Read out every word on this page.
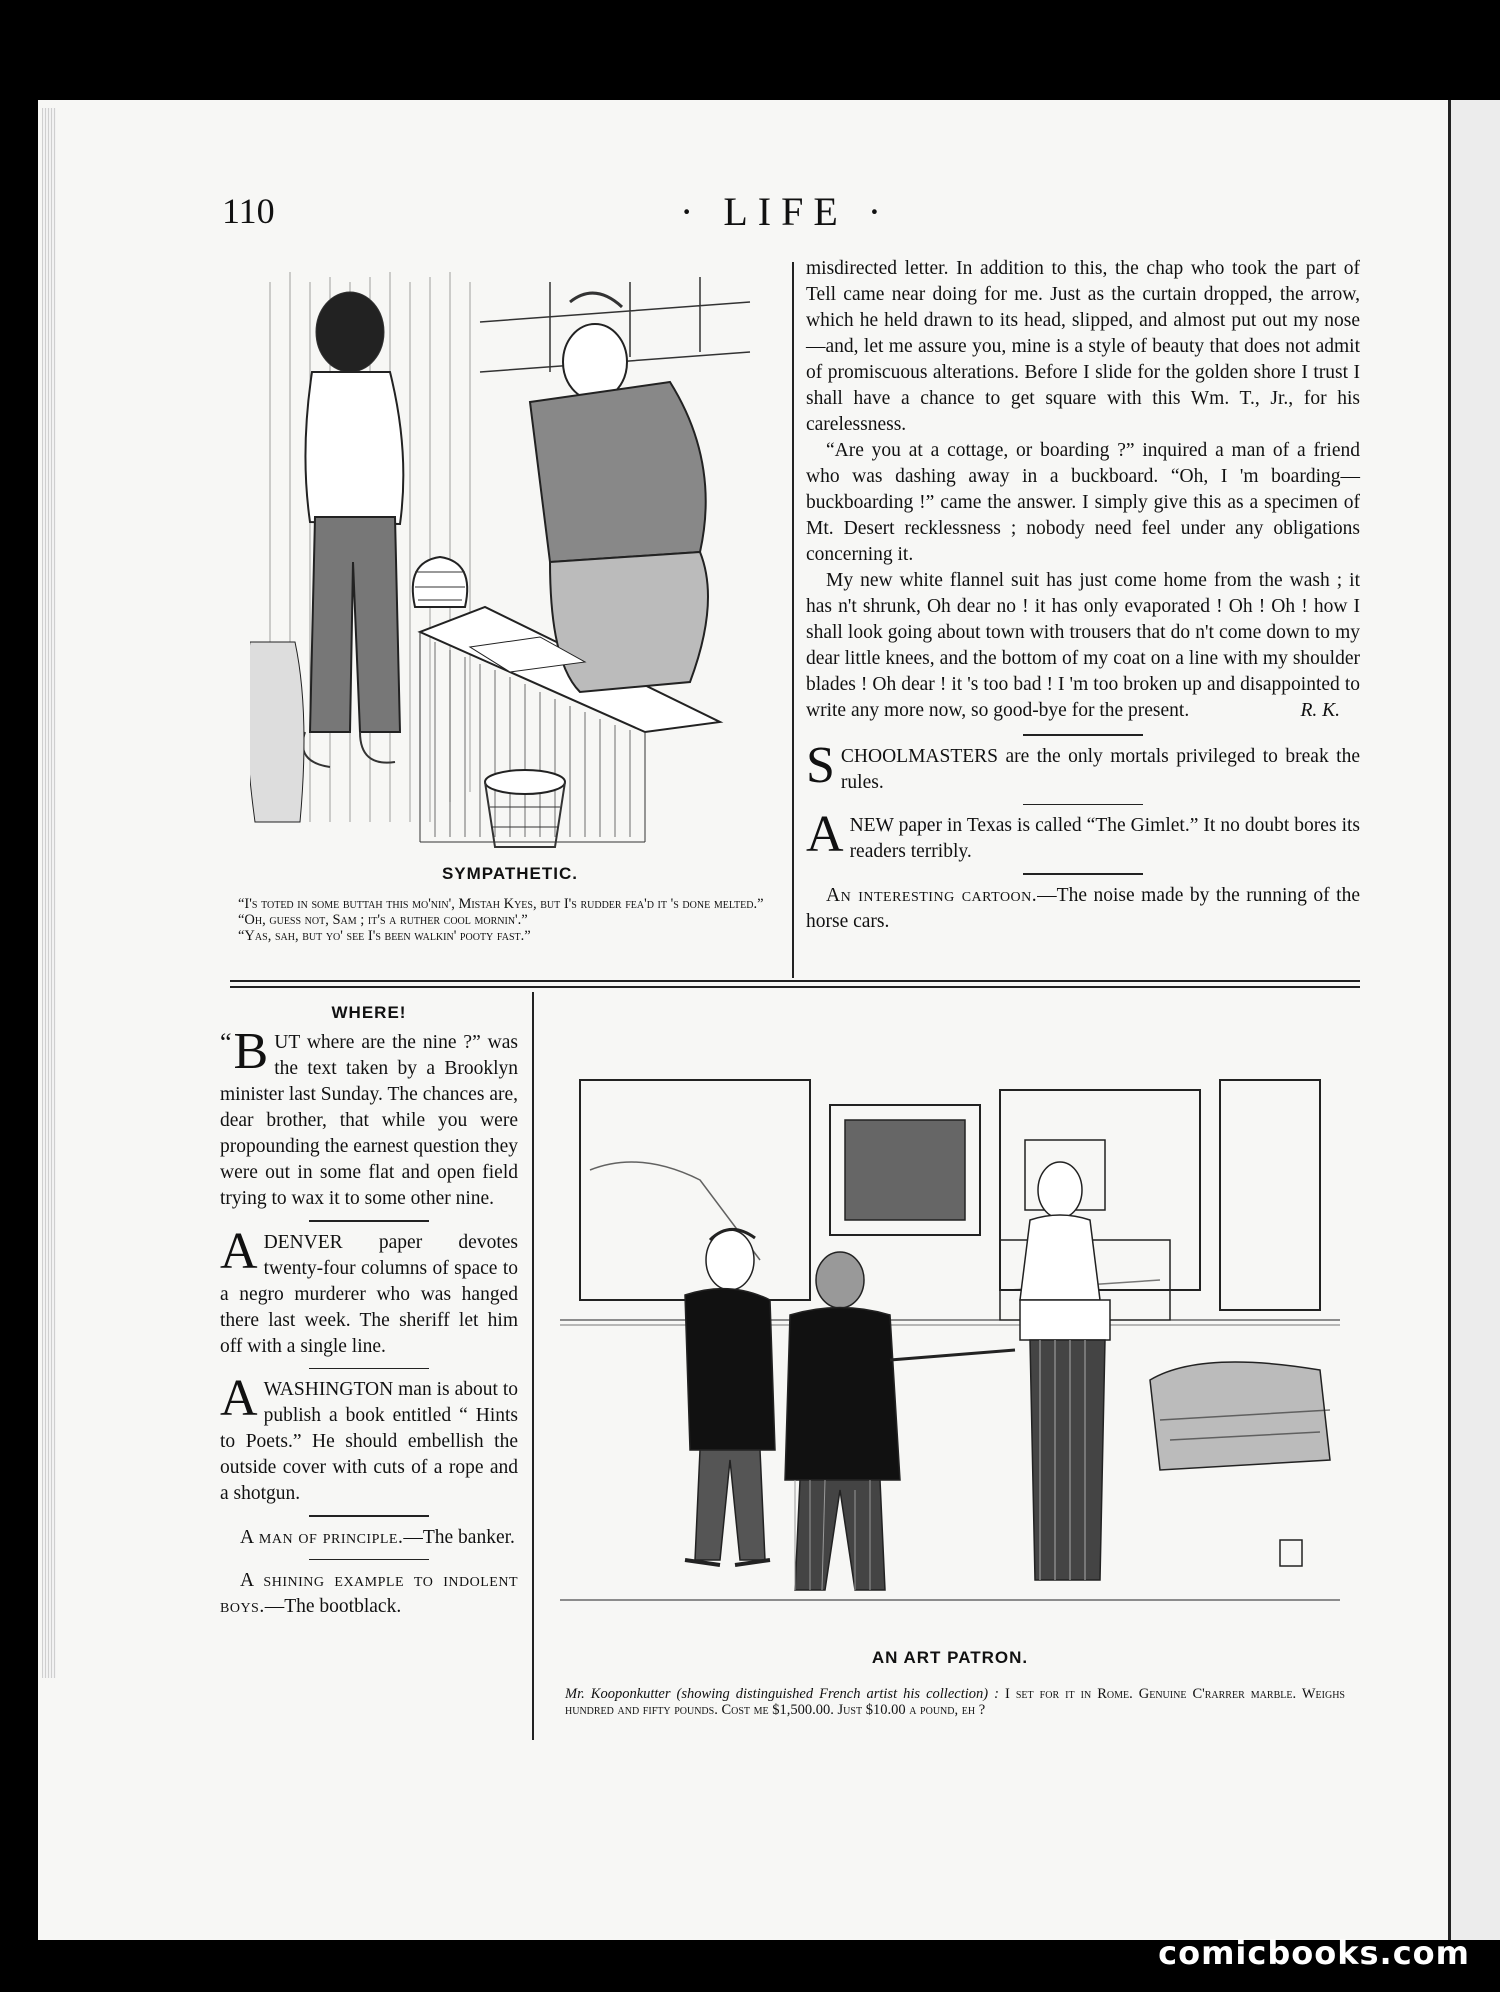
110	· LIFE ·
SYMPATHETIC.
“I's toted in some buttah this mo'nin', Mistah Kyes, but I's rudder fea'd it 's done melted.”
“Oh, guess not, Sam ; it's a ruther cool mornin'.”
“Yas, sah, but yo' see I's been walkin' pooty fast.”

misdirected letter. In addition to this, the chap who took the part of Tell came near doing for me. Just as the curtain dropped, the arrow, which he held drawn to its head, slipped, and almost put out my nose—and, let me assure you, mine is a style of beauty that does not admit of promiscuous alterations. Before I slide for the golden shore I trust I shall have a chance to get square with this Wm. T., Jr., for his carelessness.

“Are you at a cottage, or boarding ?” inquired a man of a friend who was dashing away in a buckboard. “Oh, I 'm boarding—buckboarding !” came the answer. I simply give this as a specimen of Mt. Desert recklessness ; nobody need feel under any obligations concerning it.

My new white flannel suit has just come home from the wash ; it has n't shrunk, Oh dear no ! it has only evaporated ! Oh ! Oh ! how I shall look going about town with trousers that do n't come down to my dear little knees, and the bottom of my coat on a line with my shoulder blades ! Oh dear ! it 's too bad ! I 'm too broken up and disappointed to write any more now, so good-bye for the present.	R. K.

SCHOOLMASTERS are the only mortals privileged to break the rules.

ANEW paper in Texas is called “The Gimlet.” It no doubt bores its readers terribly.

An interesting cartoon.—The noise made by the running of the horse cars.

WHERE!

“ B UT where are the nine ?” was the text taken by a Brooklyn minister last Sunday. The chances are, dear brother, that while you were propounding the earnest question they were out in some flat and open field trying to wax it to some other nine.

ADENVER paper devotes twenty-four columns of space to a negro murderer who was hanged there last week. The sheriff let him off with a single line.

AWASHINGTON man is about to publish a book entitled “ Hints to Poets.” He should embellish the outside cover with cuts of a rope and a shotgun.

A man of principle.—The banker.

A shining example to indolent boys.—The bootblack.

AN ART PATRON.
Mr. Kooponkutter (showing distinguished French artist his collection) : I set for it in Rome. Genuine C'rarrer marble. Weighs hundred and fifty pounds. Cost me $1,500.00. Just $10.00 a pound, eh ?
comicbooks.com
